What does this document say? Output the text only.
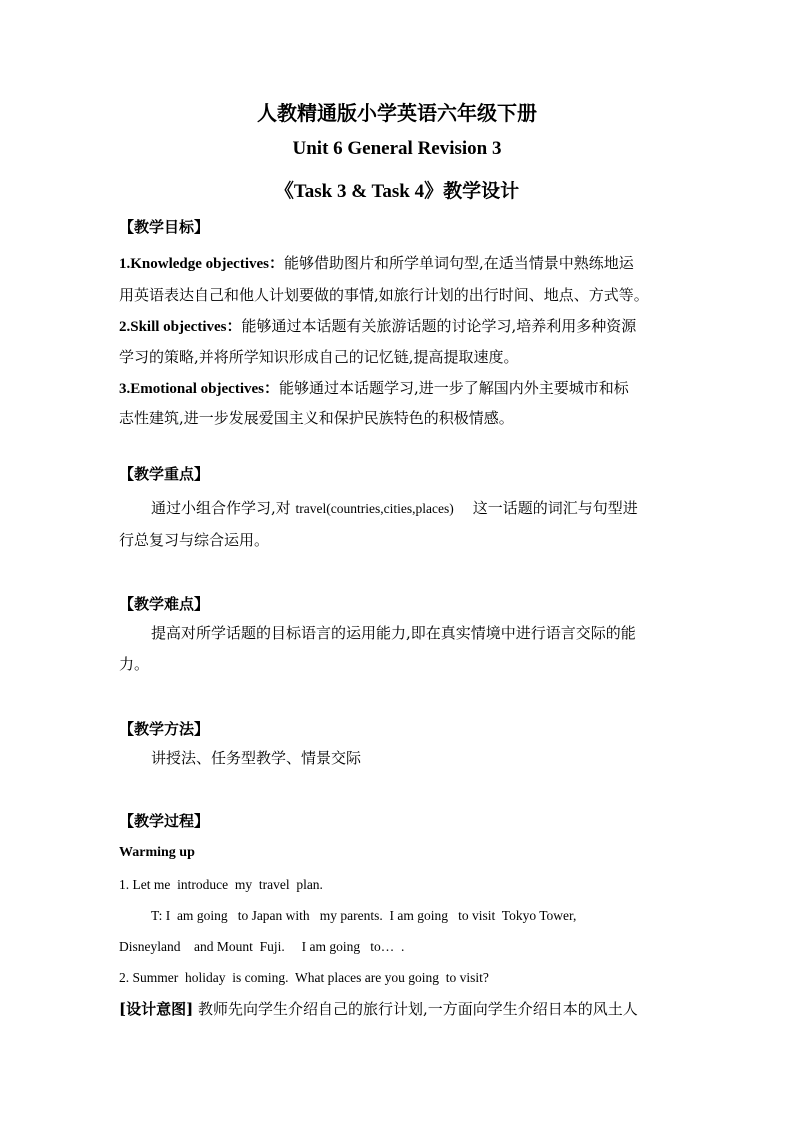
人教精通版小学英语六年级下册
Unit 6 General Revision 3
《Task 3 & Task 4》教学设计
【教学目标】
1.Knowledge objectives：能够借助图片和所学单词句型,在适当情景中熟练地运
用英语表达自己和他人计划要做的事情,如旅行计划的出行时间、地点、方式等。
2.Skill objectives：能够通过本话题有关旅游话题的讨论学习,培养利用多种资源
学习的策略,并将所学知识形成自己的记忆链,提高提取速度。
3.Emotional objectives：能够通过本话题学习,进一步了解国内外主要城市和标
志性建筑,进一步发展爱国主义和保护民族特色的积极情感。
【教学重点】
通过小组合作学习,对 travel(countries,cities,places)    这一话题的词汇与句型进
行总复习与综合运用。
【教学难点】
提高对所学话题的目标语言的运用能力,即在真实情境中进行语言交际的能
力。
【教学方法】
讲授法、任务型教学、情景交际
【教学过程】
Warming up
1. Let me  introduce  my  travel  plan.
T: I  am going   to Japan with   my parents.  I am going   to visit  Tokyo Tower,
Disneyland    and Mount  Fuji.     I am going   to…  .
2. Summer  holiday  is coming.  What places are you going  to visit?
[设计意图] 教师先向学生介绍自己的旅行计划,一方面向学生介绍日本的风土人
